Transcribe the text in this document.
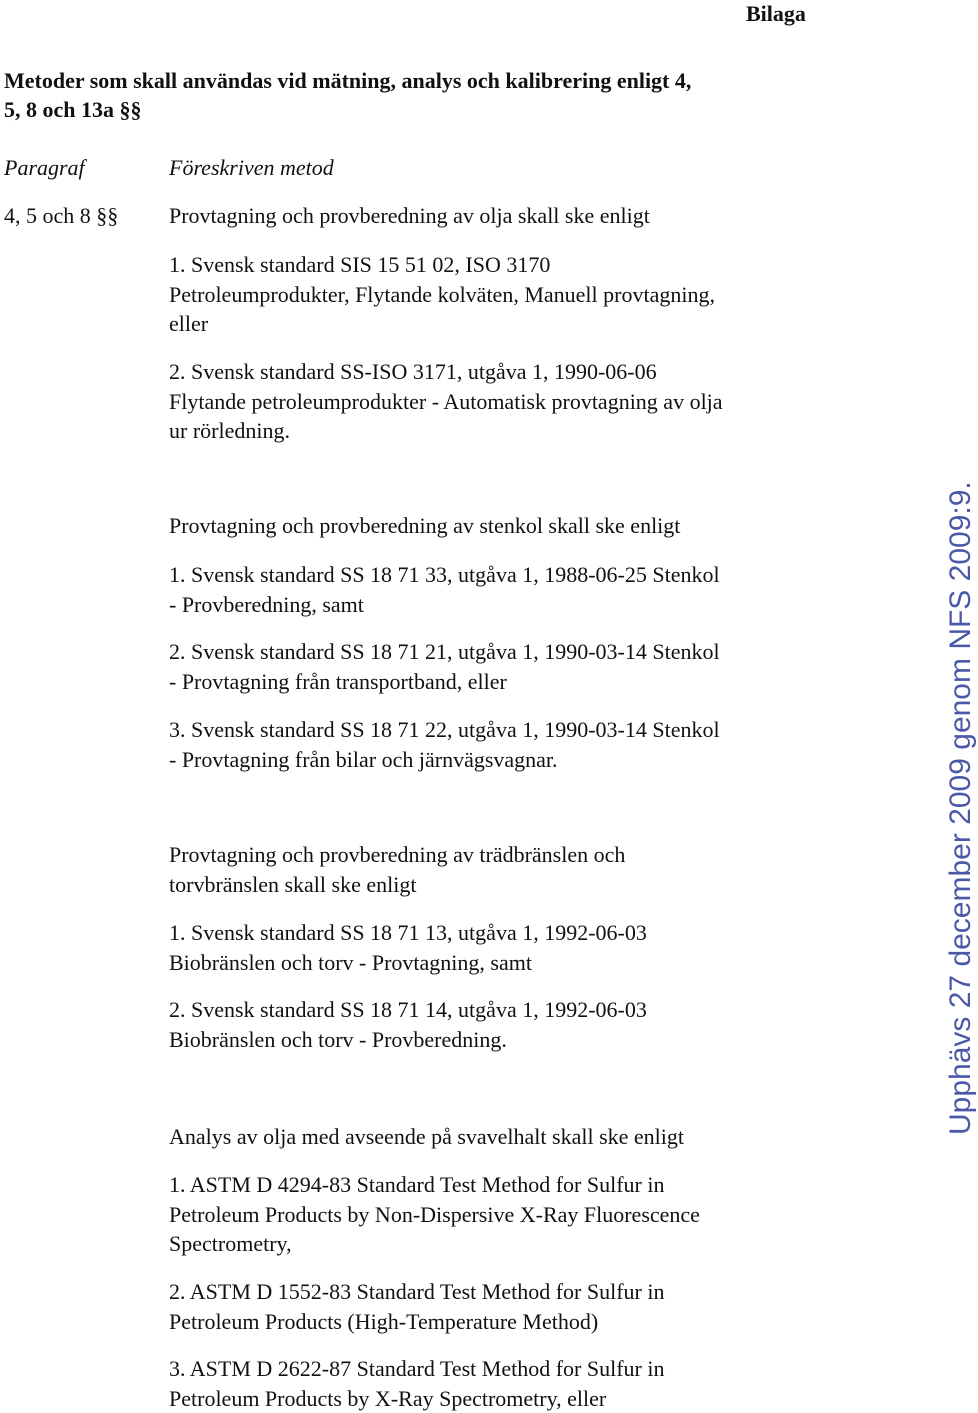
Bilaga
Metoder som skall användas vid mätning, analys och kalibrering enligt 4,
5, 8 och 13a §§
Paragraf	Föreskriven metod
4, 5 och 8 §§ Provtagning och provberedning av olja skall ske enligt
1. Svensk standard SIS 15 51 02, ISO 3170
Petroleumprodukter, Flytande kolväten, Manuell provtagning,
eller
2. Svensk standard SS-ISO 3171, utgåva 1, 1990-06-06
Flytande petroleumprodukter - Automatisk provtagning av olja
ur rörledning.
Provtagning och provberedning av stenkol skall ske enligt
1. Svensk standard SS 18 71 33, utgåva 1, 1988-06-25 Stenkol
- Provberedning, samt
2. Svensk standard SS 18 71 21, utgåva 1, 1990-03-14 Stenkol
- Provtagning från transportband, eller
3. Svensk standard SS 18 71 22, utgåva 1, 1990-03-14 Stenkol
- Provtagning från bilar och järnvägsvagnar.
Provtagning och provberedning av trädbränslen och
torvbränslen skall ske enligt
1. Svensk standard SS 18 71 13, utgåva 1, 1992-06-03
Biobränslen och torv - Provtagning, samt
2. Svensk standard SS 18 71 14, utgåva 1, 1992-06-03
Biobränslen och torv - Provberedning.
Analys av olja med avseende på svavelhalt skall ske enligt
1. ASTM D 4294-83 Standard Test Method for Sulfur in
Petroleum Products by Non-Dispersive X-Ray Fluorescence
Spectrometry,
2. ASTM D 1552-83 Standard Test Method for Sulfur in
Petroleum Products (High-Temperature Method)
3. ASTM D 2622-87 Standard Test Method for Sulfur in
Petroleum Products by X-Ray Spectrometry, eller
Upphävs 27 december 2009 genom NFS 2009:9.
